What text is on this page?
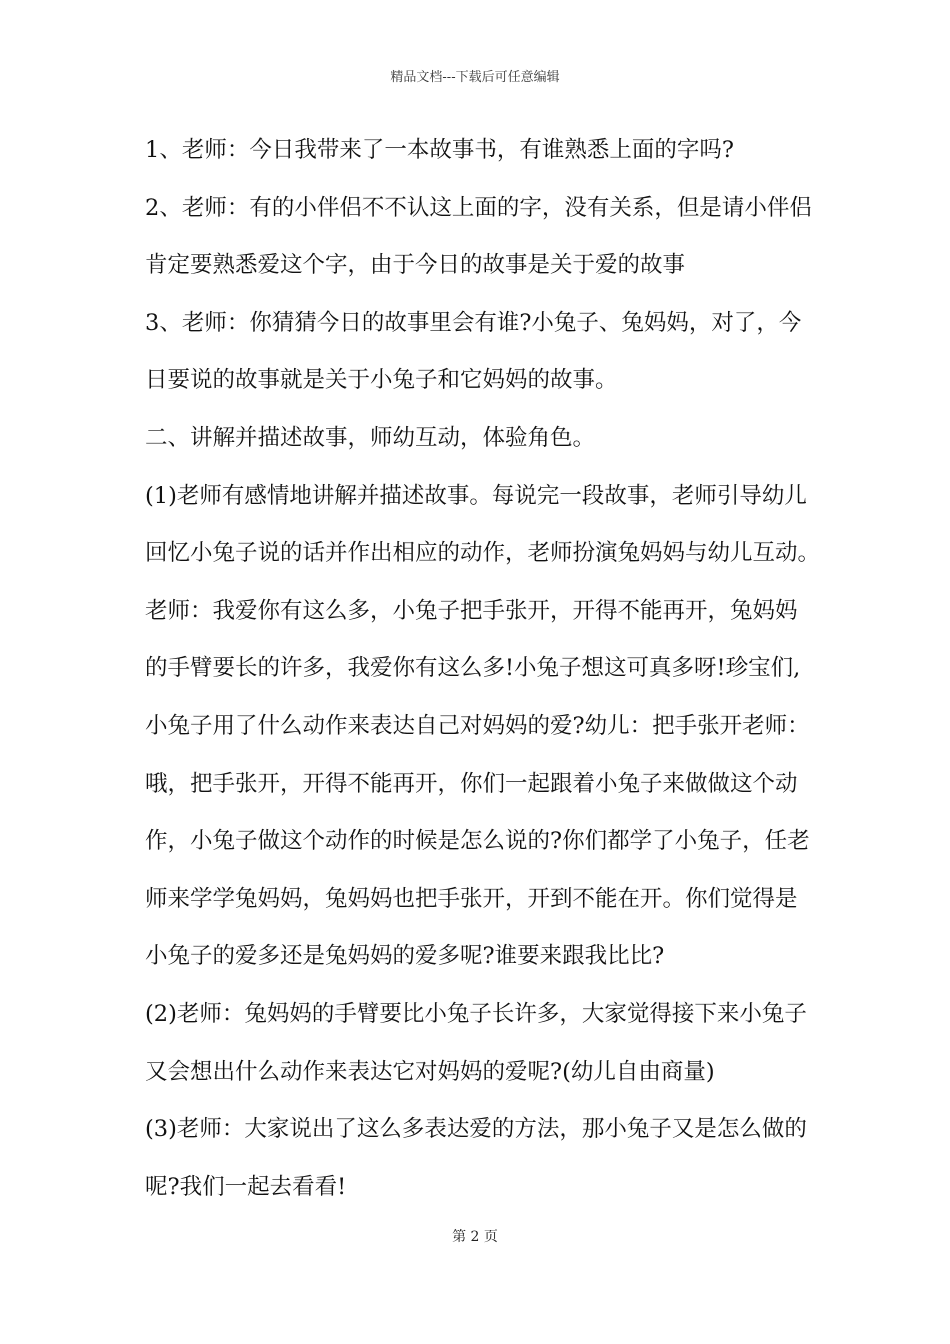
精品文档---下载后可任意编辑
1、老师：今日我带来了一本故事书，有谁熟悉上面的字吗?
2、老师：有的小伴侣不不认这上面的字，没有关系，但是请小伴侣
肯定要熟悉爱这个字，由于今日的故事是关于爱的故事
3、老师：你猜猜今日的故事里会有谁?小兔子、兔妈妈，对了，今
日要说的故事就是关于小兔子和它妈妈的故事。
二、讲解并描述故事，师幼互动，体验角色。
(1)老师有感情地讲解并描述故事。每说完一段故事，老师引导幼儿
回忆小兔子说的话并作出相应的动作，老师扮演兔妈妈与幼儿互动。
老师：我爱你有这么多，小兔子把手张开，开得不能再开，兔妈妈
的手臂要长的许多，我爱你有这么多!小兔子想这可真多呀!珍宝们,
小兔子用了什么动作来表达自己对妈妈的爱?幼儿：把手张开老师：
哦，把手张开，开得不能再开，你们一起跟着小兔子来做做这个动
作，小兔子做这个动作的时候是怎么说的?你们都学了小兔子，任老
师来学学兔妈妈，兔妈妈也把手张开，开到不能在开。你们觉得是
小兔子的爱多还是兔妈妈的爱多呢?谁要来跟我比比?
(2)老师：兔妈妈的手臂要比小兔子长许多，大家觉得接下来小兔子
又会想出什么动作来表达它对妈妈的爱呢?(幼儿自由商量)
(3)老师：大家说出了这么多表达爱的方法，那小兔子又是怎么做的
呢?我们一起去看看!
第 2 页
